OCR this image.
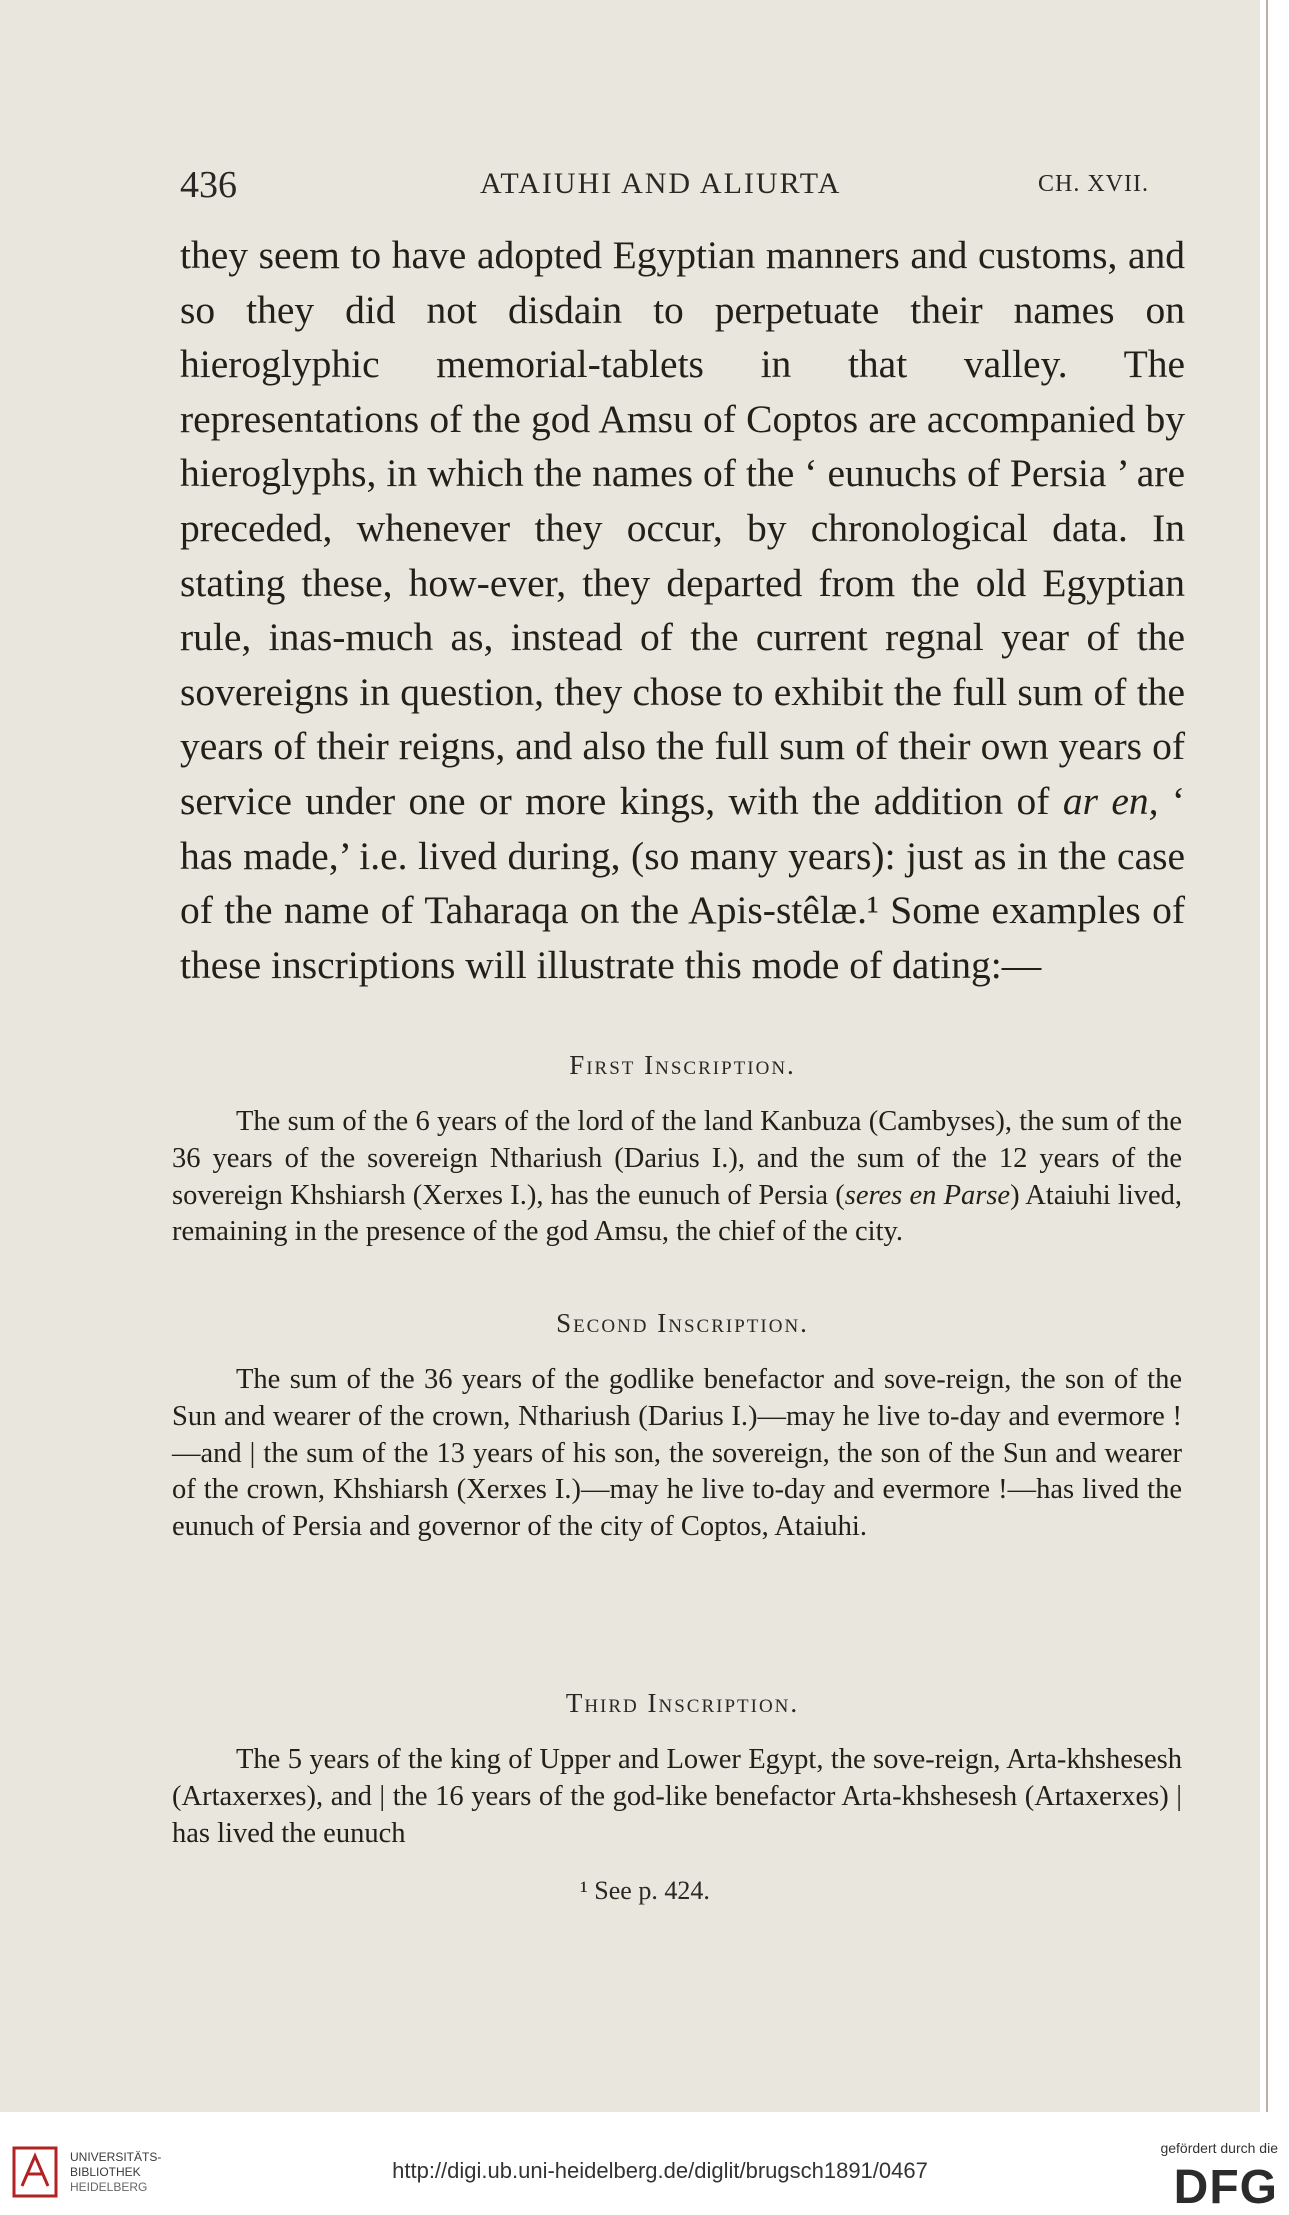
436	ATAIUHI AND ALIURTA	CH. XVII.

they seem to have adopted Egyptian manners and customs, and so they did not disdain to perpetuate their names on hieroglyphic memorial-tablets in that valley. The representations of the god Amsu of Coptos are accompanied by hieroglyphs, in which the names of the ‘ eunuchs of Persia ’ are preceded, whenever they occur, by chronological data. In stating these, how-ever, they departed from the old Egyptian rule, inas-much as, instead of the current regnal year of the sovereigns in question, they chose to exhibit the full sum of the years of their reigns, and also the full sum of their own years of service under one or more kings, with the addition of ar en, ‘ has made,’ i.e. lived during, (so many years): just as in the case of the name of Taharaqa on the Apis-stêlæ.¹ Some examples of these inscriptions will illustrate this mode of dating:—

First Inscription.

The sum of the 6 years of the lord of the land Kanbuza (Cambyses), the sum of the 36 years of the sovereign Nthariush (Darius I.), and the sum of the 12 years of the sovereign Khshiarsh (Xerxes I.), has the eunuch of Persia (seres en Parse) Ataiuhi lived, remaining in the presence of the god Amsu, the chief of the city.

Second Inscription.

The sum of the 36 years of the godlike benefactor and sove-reign, the son of the Sun and wearer of the crown, Nthariush (Darius I.)—may he live to-day and evermore !—and | the sum of the 13 years of his son, the sovereign, the son of the Sun and wearer of the crown, Khshiarsh (Xerxes I.)—may he live to-day and evermore !—has lived the eunuch of Persia and governor of the city of Coptos, Ataiuhi.

Third Inscription.

The 5 years of the king of Upper and Lower Egypt, the sove-reign, Arta-khshesesh (Artaxerxes), and | the 16 years of the god-like benefactor Arta-khshesesh (Artaxerxes) | has lived the eunuch

¹ See p. 424.
UNIVERSITÄTS-
BIBLIOTHEK
HEIDELBERG
http://digi.ub.uni-heidelberg.de/diglit/brugsch1891/0467
gefördert durch die
DFG
